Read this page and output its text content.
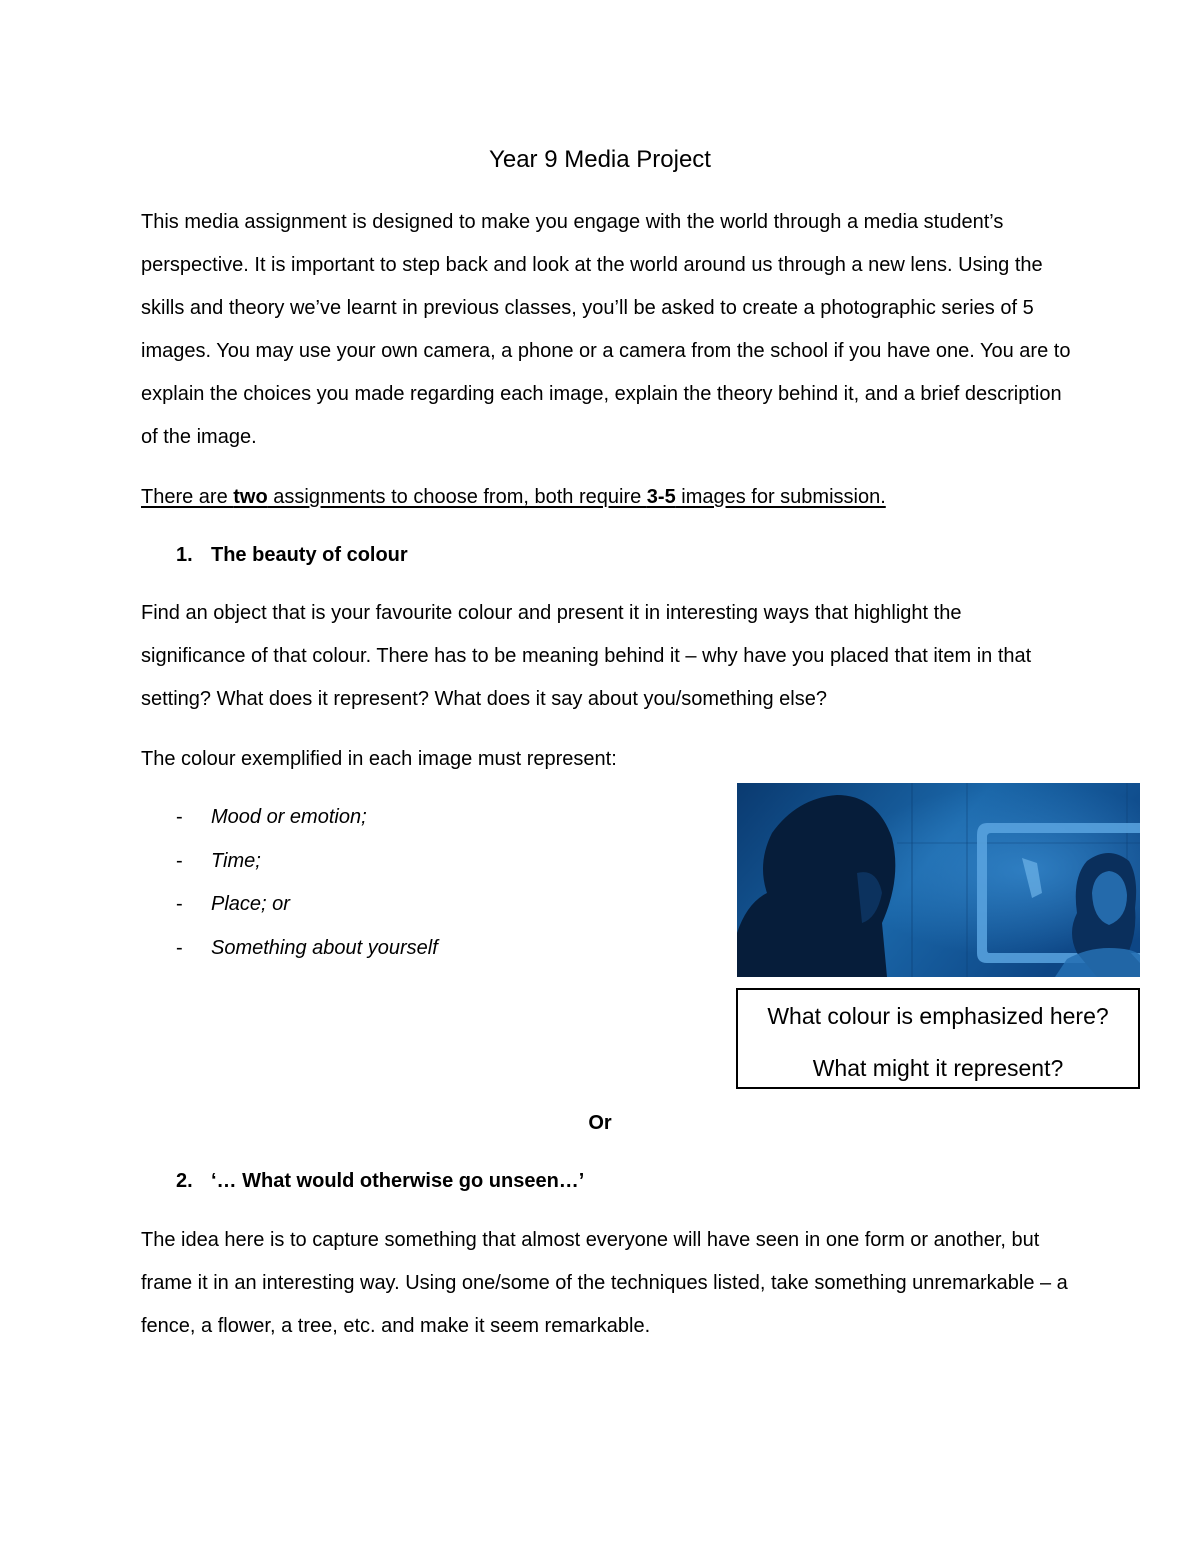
Year 9 Media Project
This media assignment is designed to make you engage with the world through a media student’s perspective. It is important to step back and look at the world around us through a new lens. Using the skills and theory we’ve learnt in previous classes, you’ll be asked to create a photographic series of 5 images. You may use your own camera, a phone or a camera from the school if you have one. You are to explain the choices you made regarding each image, explain the theory behind it, and a brief description of the image.
There are two assignments to choose from, both require 3-5 images for submission.
1. The beauty of colour
Find an object that is your favourite colour and present it in interesting ways that highlight the significance of that colour. There has to be meaning behind it – why have you placed that item in that setting? What does it represent? What does it say about you/something else?
The colour exemplified in each image must represent:
- Mood or emotion;
- Time;
- Place; or
- Something about yourself
What colour is emphasized here?
What might it represent?
Or
2. ‘… What would otherwise go unseen…’
The idea here is to capture something that almost everyone will have seen in one form or another, but frame it in an interesting way. Using one/some of the techniques listed, take something unremarkable – a fence, a flower, a tree, etc. and make it seem remarkable.
